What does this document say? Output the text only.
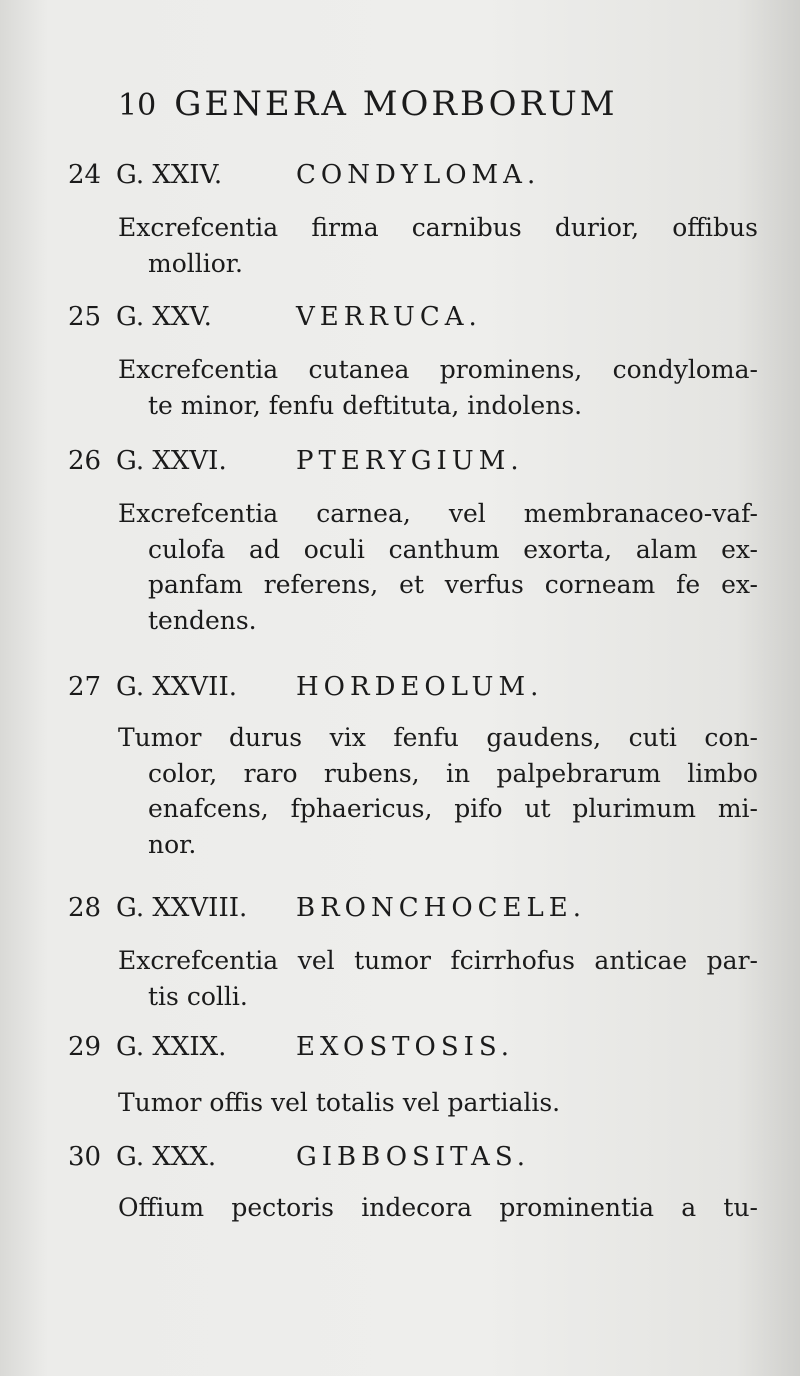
10 GENERA MORBORUM
24 G. XXIV.	CONDYLOMA.
Excrefcentia firma carnibus durior, offibus
mollior.
25 G. XXV.	VERRUCA.
Excrefcentia cutanea prominens, condyloma-
te minor, fenfu deftituta, indolens.
26 G. XXVI.	PTERYGIUM.
Excrefcentia carnea, vel membranaceo-vaf-
culofa ad oculi canthum exorta, alam ex-
panfam referens, et verfus corneam fe ex-
tendens.
27 G. XXVII. HORDEOLUM.
Tumor durus vix fenfu gaudens, cuti con-
color, raro rubens, in palpebrarum limbo
enafcens, fphaericus, pifo ut plurimum mi-
nor.
28 G. XXVIII. BRONCHOCELE.
Excrefcentia vel tumor fcirrhofus anticae par-
tis colli.
29 G. XXIX.	EXOSTOSIS.
Tumor offis vel totalis vel partialis.
30 G. XXX.	GIBBOSITAS.
Offium pectoris indecora prominentia a tu-
